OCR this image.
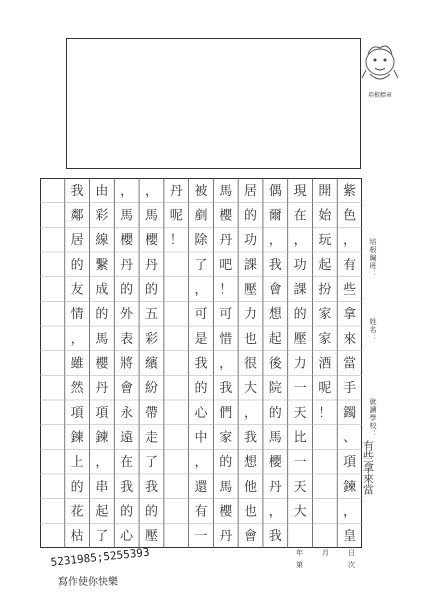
培根標章
紫
色
，
有
些
拿
來
當
手
鐲
、
項
鍊
，
皇
開
始
玩
起
扮
家
家
酒
呢
！
現
在
，
功
課
的
壓
力
一
天
比
一
天
大
偶
爾
，
我
會
想
起
後
院
的
馬
櫻
丹
，
我
居
的
功
課
壓
力
也
很
大
，
我
想
他
也
會
馬
櫻
丹
吧
！
可
惜
，
我
們
家
的
馬
櫻
丹
被
剷
除
了
，
可
是
我
的
心
中
，
還
有
一
丹
呢
！
，
馬
櫻
丹
的
五
彩
繽
紛
帶
走
了
我
的
壓
，
馬
櫻
丹
的
外
表
將
會
永
遠
在
我
的
心
由
彩
線
繫
成
的
馬
櫻
丹
項
鍊
，
串
起
了
我
鄰
居
的
友
情
，
雖
然
項
鍊
上
的
花
枯
有些拿來當
培根編班：
姓名：
就讀學校：
5231985;5255393
寫作使你快樂
年	月	日
第	次
